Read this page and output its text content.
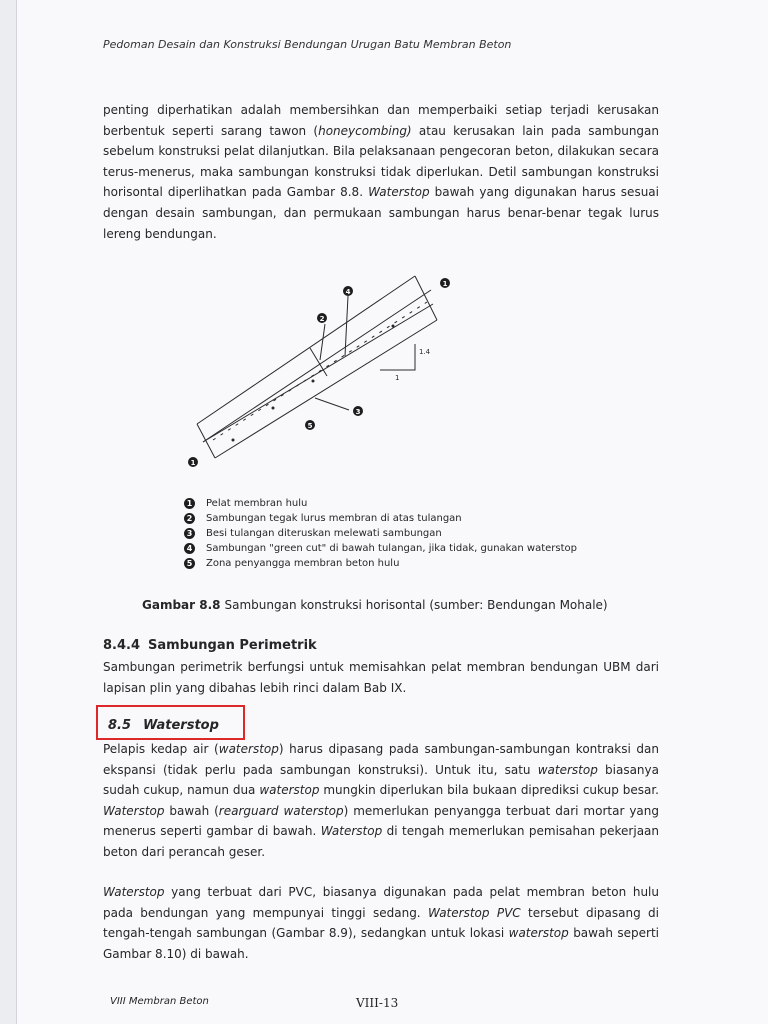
Pedoman Desain dan Konstruksi Bendungan Urugan Batu Membran Beton

penting diperhatikan adalah membersihkan dan memperbaiki setiap terjadi kerusakan berbentuk seperti sarang tawon (honeycombing) atau kerusakan lain pada sambungan sebelum konstruksi pelat dilanjutkan. Bila pelaksanaan pengecoran beton, dilakukan secara terus-menerus, maka sambungan konstruksi tidak diperlukan. Detil sambungan konstruksi horisontal diperlihatkan pada Gambar 8.8. Waterstop bawah yang digunakan harus sesuai dengan desain sambungan, dan permukaan sambungan harus benar-benar tegak lurus lereng bendungan.

1
4
2
3
5
1
1.4
1
1 Pelat membran hulu
2 Sambungan tegak lurus membran di atas tulangan
3 Besi tulangan diteruskan melewati sambungan
4 Sambungan "green cut" di bawah tulangan, jika tidak, gunakan waterstop
5 Zona penyangga membran beton hulu
Gambar 8.8 Sambungan konstruksi horisontal (sumber: Bendungan Mohale)
8.4.4 Sambungan Perimetrik

Sambungan perimetrik berfungsi untuk memisahkan pelat membran bendungan UBM dari lapisan plin yang dibahas lebih rinci dalam Bab IX.

8.5 Waterstop

Pelapis kedap air (waterstop) harus dipasang pada sambungan-sambungan kontraksi dan ekspansi (tidak perlu pada sambungan konstruksi). Untuk itu, satu waterstop biasanya sudah cukup, namun dua waterstop mungkin diperlukan bila bukaan diprediksi cukup besar. Waterstop bawah (rearguard waterstop) memerlukan penyangga terbuat dari mortar yang menerus seperti gambar di bawah. Waterstop di tengah memerlukan pemisahan pekerjaan beton dari perancah geser.

Waterstop yang terbuat dari PVC, biasanya digunakan pada pelat membran beton hulu pada bendungan yang mempunyai tinggi sedang. Waterstop PVC tersebut dipasang di tengah-tengah sambungan (Gambar 8.9), sedangkan untuk lokasi waterstop bawah seperti Gambar 8.10) di bawah.

VIII Membran Beton	VIII-13
